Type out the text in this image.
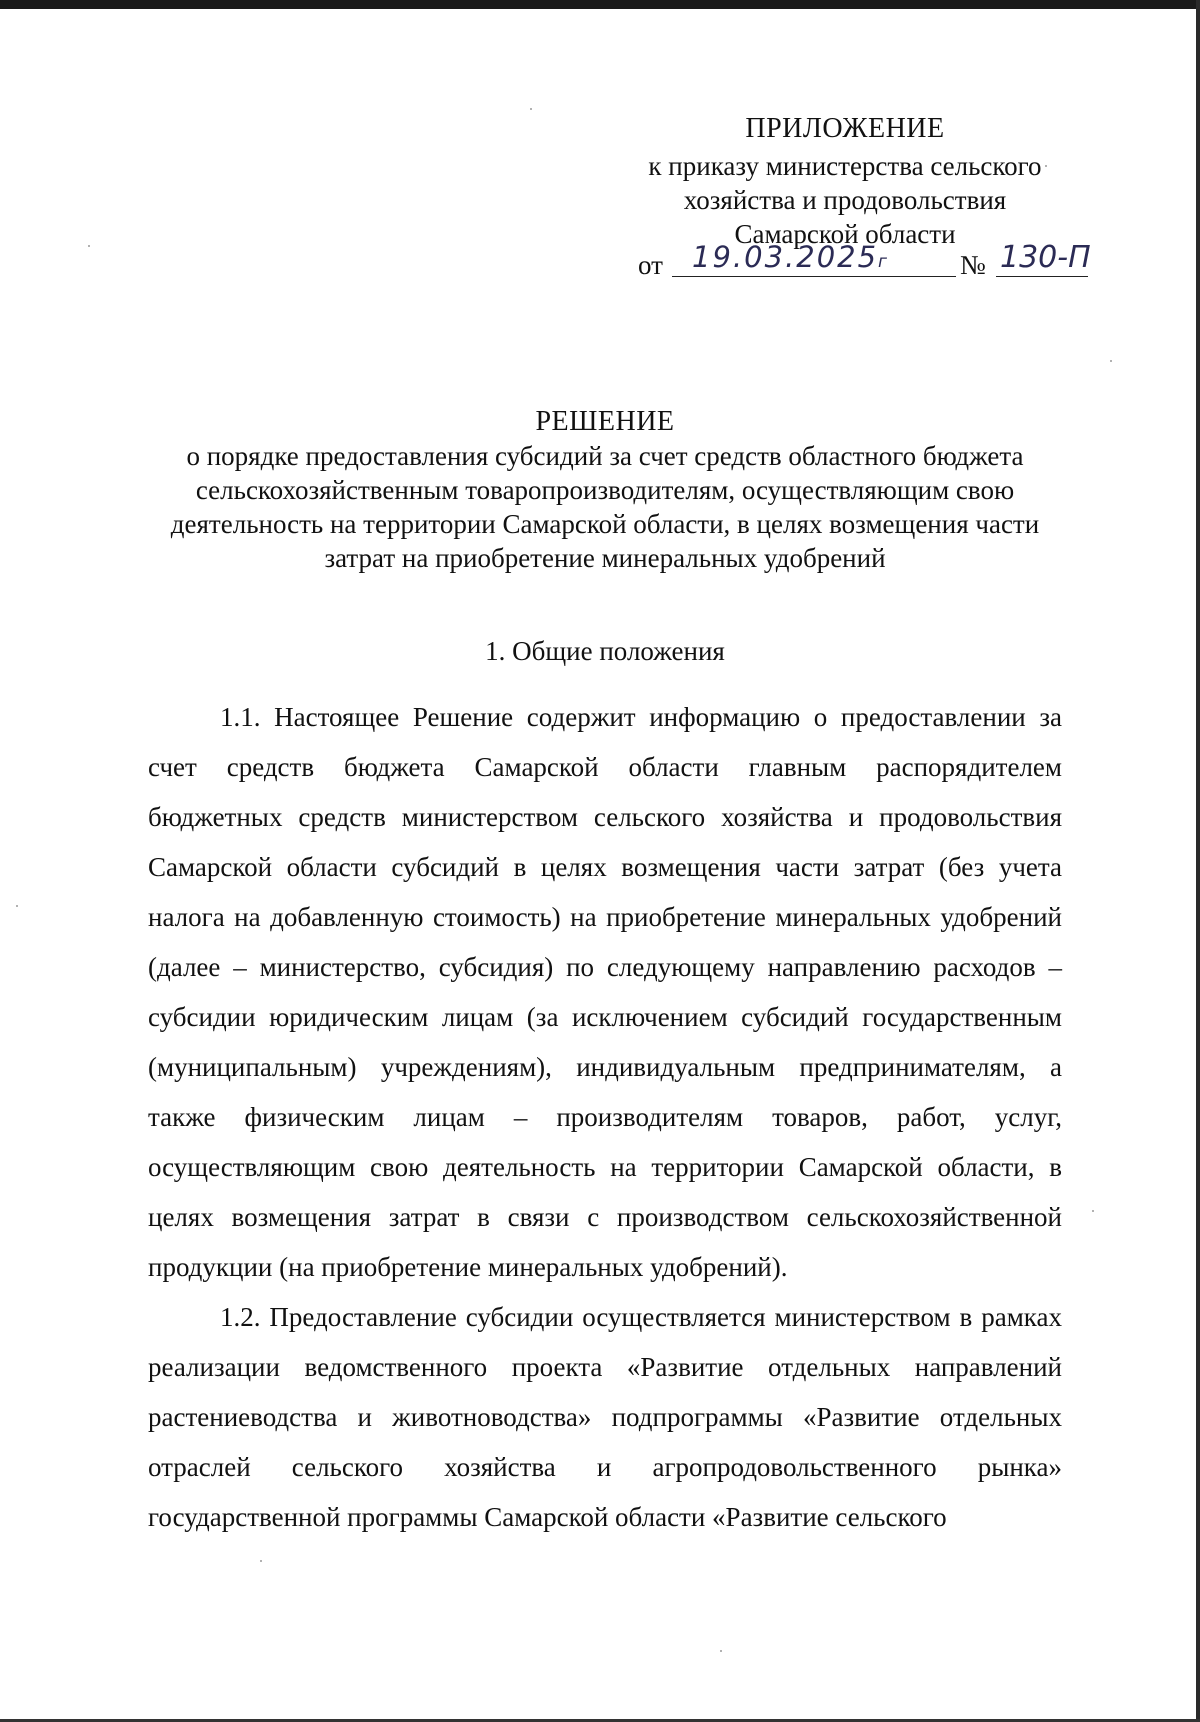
ПРИЛОЖЕНИЕ
к приказу министерства сельского
хозяйства и продовольствия
Самарской области
от 19.03.2025г	№ 130-П
РЕШЕНИЕ

о порядке предоставления субсидий за счет средств областного бюджета

сельскохозяйственным товаропроизводителям, осуществляющим свою

деятельность на территории Самарской области, в целях возмещения части

затрат на приобретение минеральных удобрений

1. Общие положения

1.1. Настоящее Решение содержит информацию о предоставлении за счет средств бюджета Самарской области главным распорядителем бюджетных средств министерством сельского хозяйства и продовольствия Самарской области субсидий в целях возмещения части затрат (без учета налога на добавленную стоимость) на приобретение минеральных удобрений (далее – министерство, субсидия) по следующему направлению расходов – субсидии юридическим лицам (за исключением субсидий государственным (муниципальным) учреждениям), индивидуальным предпринимателям, а также физическим лицам – производителям товаров, работ, услуг, осуществляющим свою деятельность на территории Самарской области, в целях возмещения затрат в связи с производством сельскохозяйственной продукции (на приобретение минеральных удобрений).

1.2. Предоставление субсидии осуществляется министерством в рамках реализации ведомственного проекта «Развитие отдельных направлений растениеводства и животноводства» подпрограммы «Развитие отдельных отраслей сельского хозяйства и агропродовольственного рынка» государственной программы Самарской области «Развитие сельского
